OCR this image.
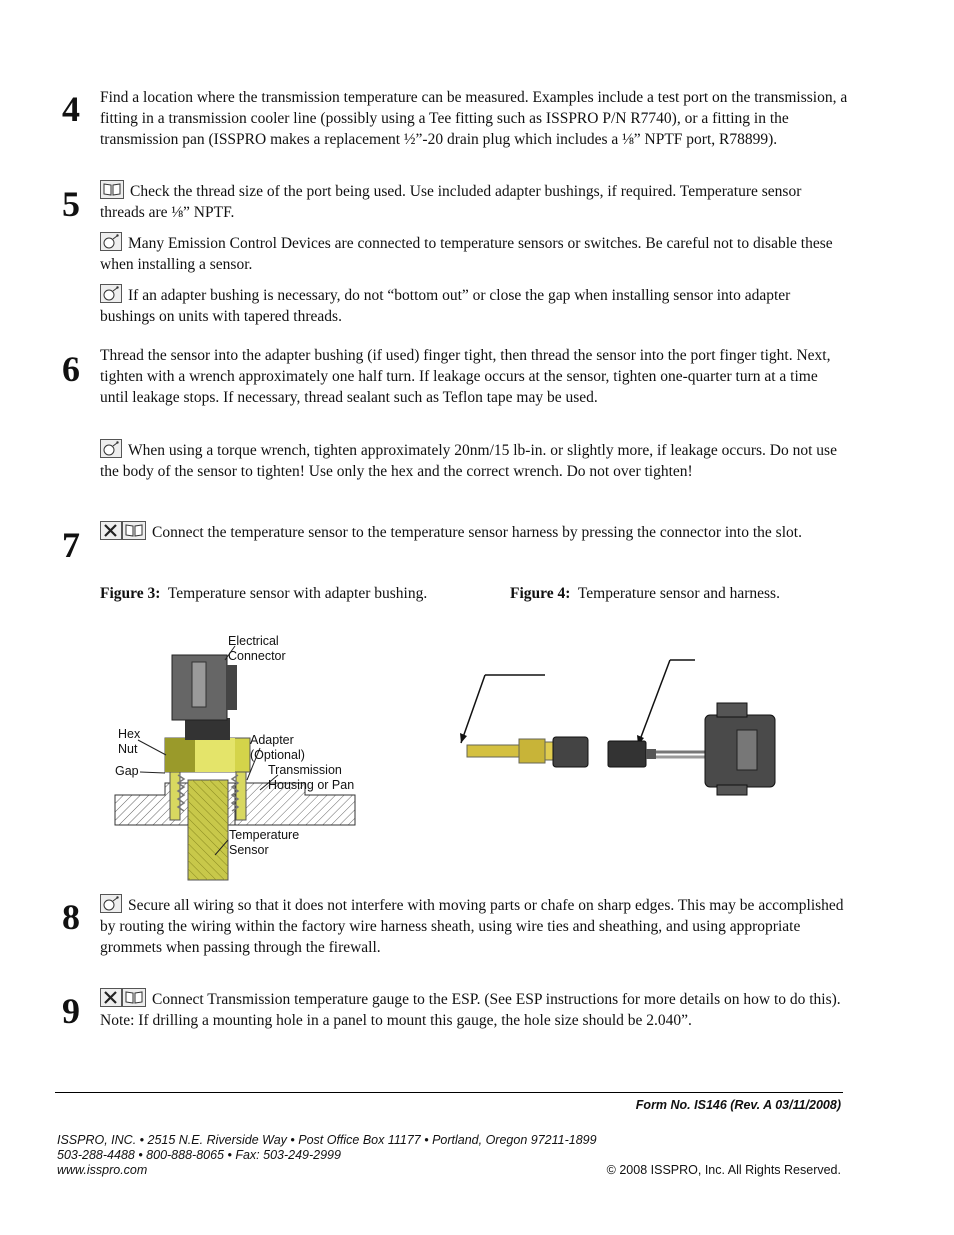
4 Find a location where the transmission temperature can be measured. Examples include a test port on the transmission, a fitting in a transmission cooler line (possibly using a Tee fitting such as ISSPRO P/N R7740), or a fitting in the transmission pan (ISSPRO makes a replacement ½”-20 drain plug which includes a ⅛” NPTF port, R78899).
5	Check the thread size of the port being used. Use included adapter bushings, if required. Temperature sensor threads are ⅛” NPTF.
Many Emission Control Devices are connected to temperature sensors or switches. Be careful not to disable these when installing a sensor.
If an adapter bushing is necessary, do not “bottom out” or close the gap when installing sensor into adapter bushings on units with tapered threads.
6 Thread the sensor into the adapter bushing (if used) finger tight, then thread the sensor into the port finger tight. Next, tighten with a wrench approximately one half turn. If leakage occurs at the sensor, tighten one-quarter turn at a time until leakage stops. If necessary, thread sealant such as Teflon tape may be used.
When using a torque wrench, tighten approximately 20nm/15 lb-in. or slightly more, if leakage occurs. Do not use the body of the sensor to tighten! Use only the hex and the correct wrench. Do not over tighten!
7	Connect the temperature sensor to the temperature sensor harness by pressing the connector into the slot.
Figure 3: Temperature sensor with adapter bushing.	Figure 4: Temperature sensor and harness.
Electrical
Connector
Hex
Nut
Gap
Adapter
(Optional)
Transmission
Housing or Pan
Temperature
Sensor
8	Secure all wiring so that it does not interfere with moving parts or chafe on sharp edges. This may be accomplished by routing the wiring within the factory wire harness sheath, using wire ties and sheathing, and using appropriate grommets when passing through the firewall.
9	Connect Transmission temperature gauge to the ESP. (See ESP instructions for more details on how to do this). Note: If drilling a mounting hole in a panel to mount this gauge, the hole size should be 2.040”.
Form No. IS146 (Rev. A 03/11/2008)
ISSPRO, INC. • 2515 N.E. Riverside Way • Post Office Box 11177 • Portland, Oregon 97211-1899
503-288-4488 • 800-888-8065 • Fax: 503-249-2999
www.isspro.com	© 2008 ISSPRO, Inc. All Rights Reserved.
